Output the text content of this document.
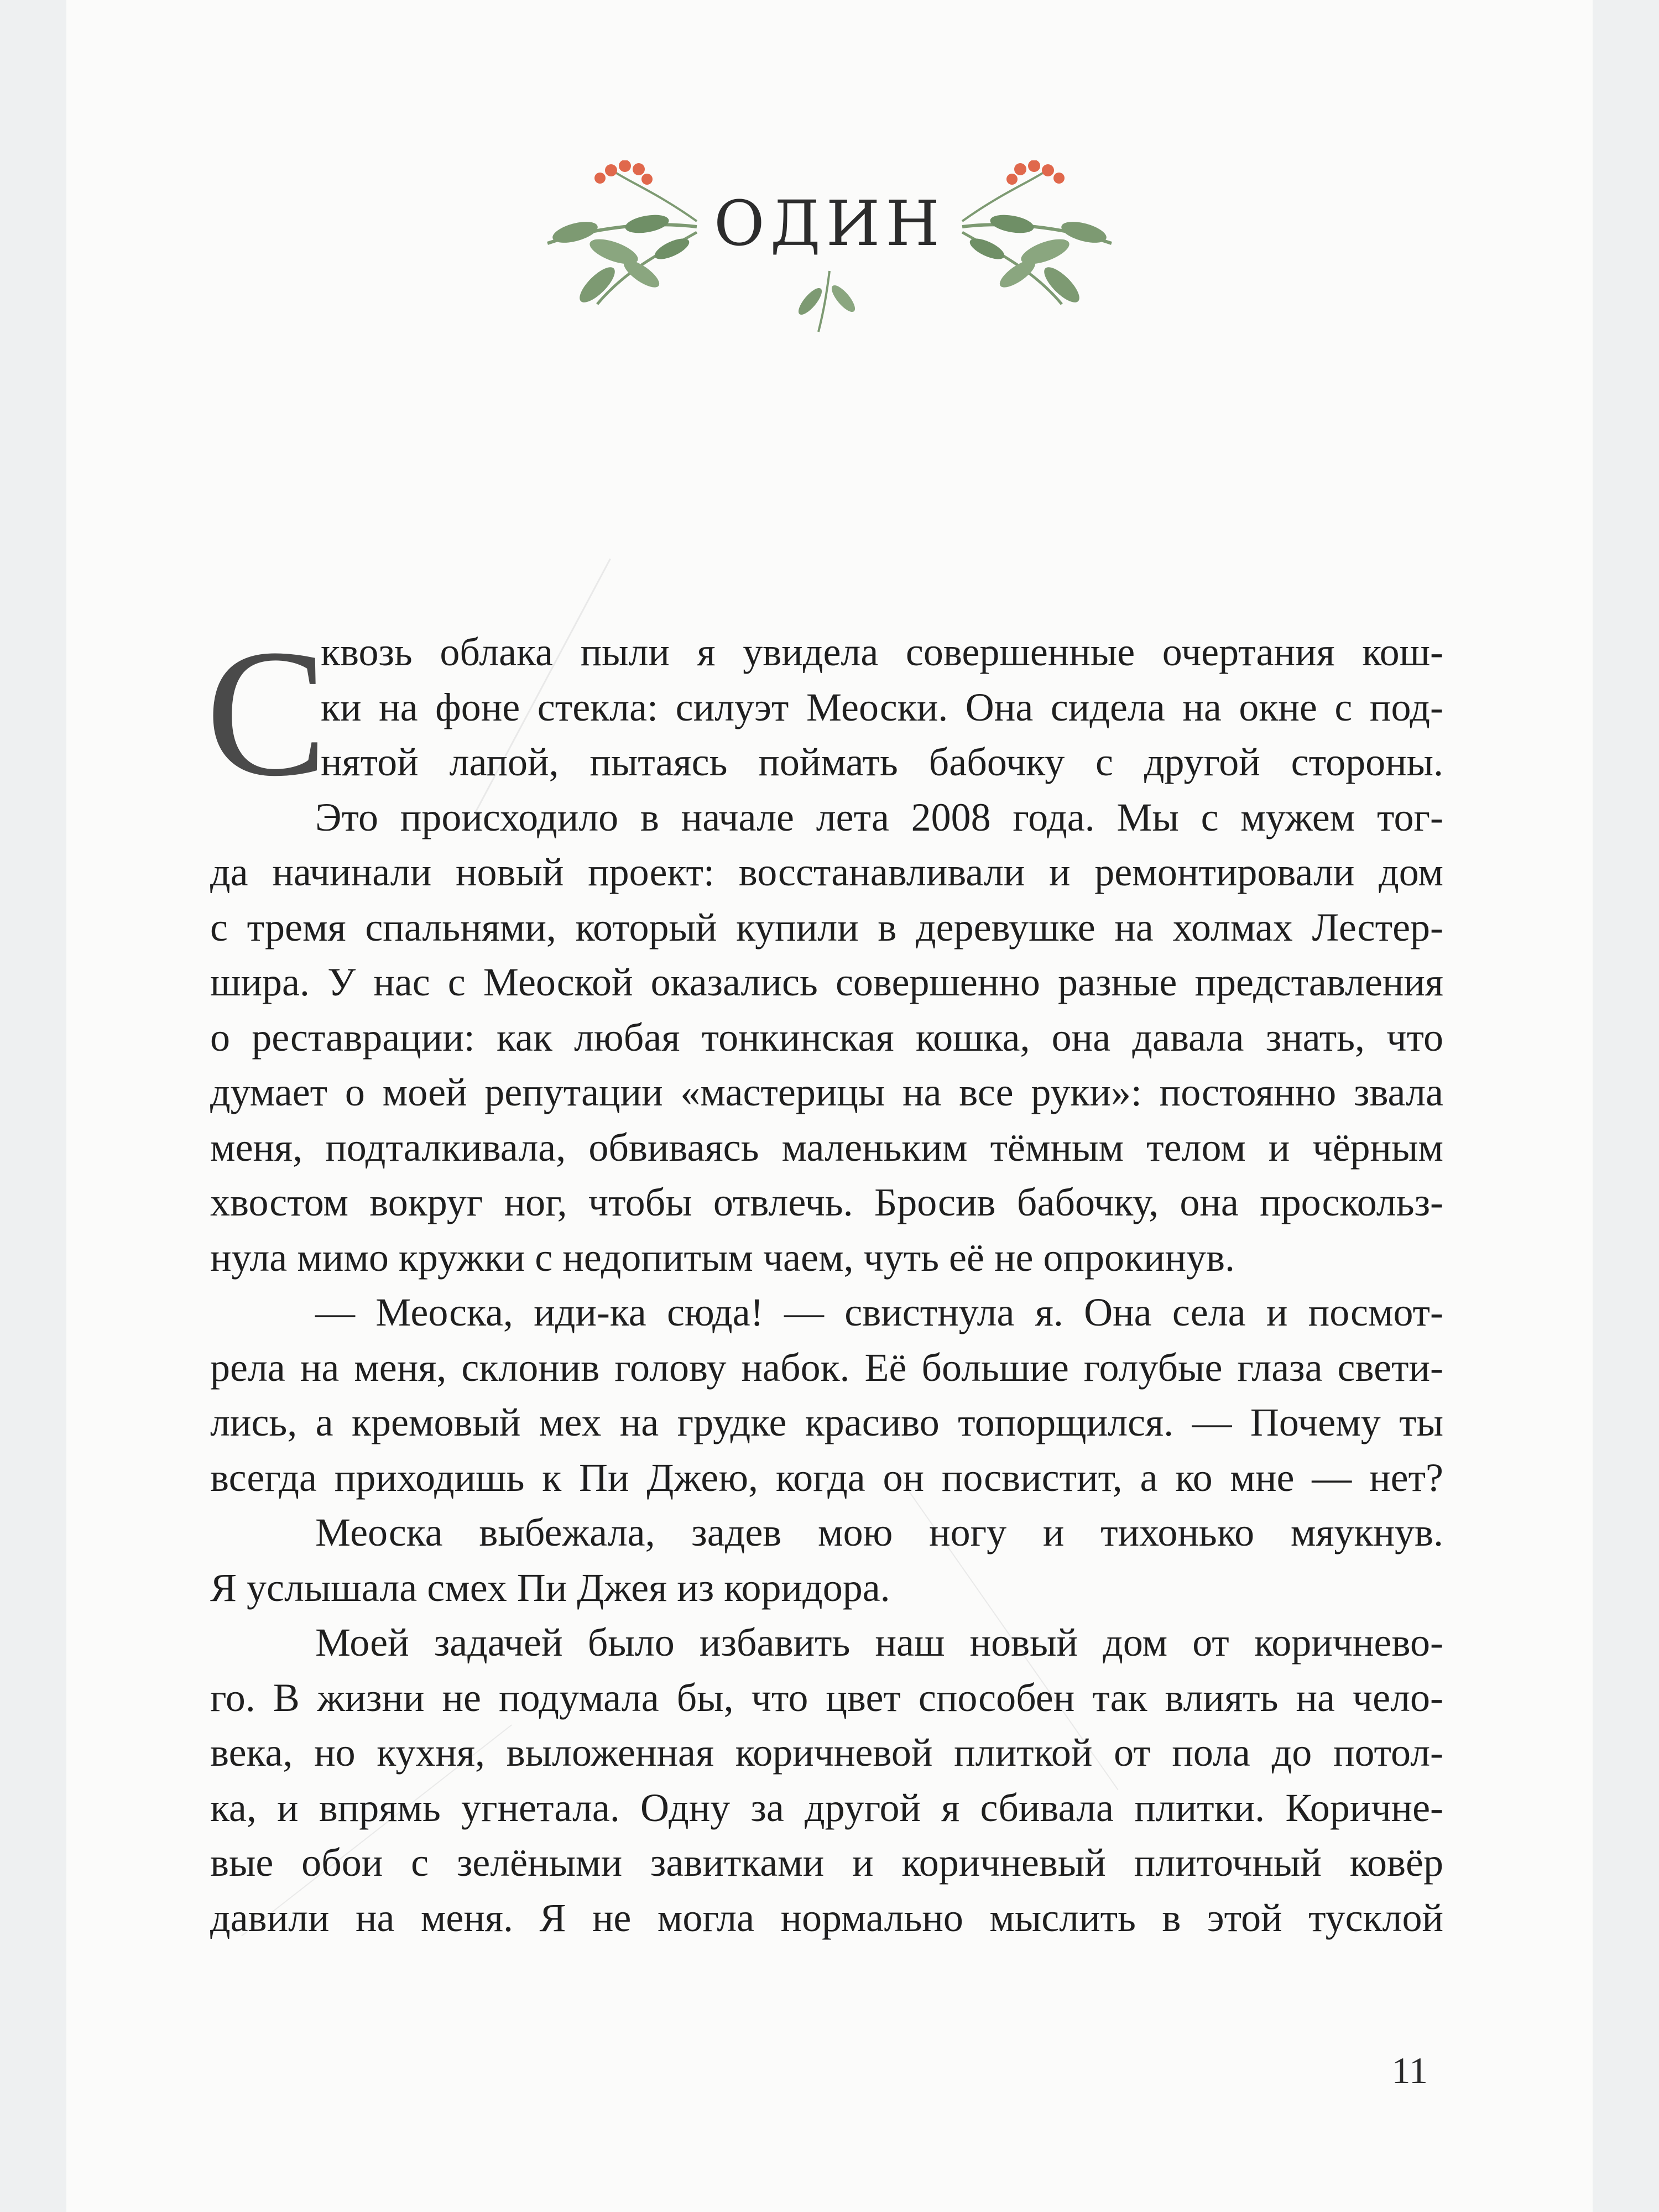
ОДИН
С
квозь облака пыли я увидела совершенные очертания кош-
ки на фоне стекла: силуэт Меоски. Она сидела на окне с под-
нятой лапой, пытаясь поймать бабочку с другой стороны.
Это происходило в начале лета 2008 года. Мы с мужем тог-
да начинали новый проект: восстанавливали и ремонтировали дом
с тремя спальнями, который купили в деревушке на холмах Лестер-
шира. У нас с Меоской оказались совершенно разные представления
о реставрации: как любая тонкинская кошка, она давала знать, что
думает о моей репутации «мастерицы на все руки»: постоянно звала
меня, подталкивала, обвиваясь маленьким тёмным телом и чёрным
хвостом вокруг ног, чтобы отвлечь. Бросив бабочку, она проскольз-
нула мимо кружки с недопитым чаем, чуть её не опрокинув.
— Меоска, иди-ка сюда! — свистнула я. Она села и посмот-
рела на меня, склонив голову набок. Её большие голубые глаза свети-
лись, а кремовый мех на грудке красиво топорщился. — Почему ты
всегда приходишь к Пи Джею, когда он посвистит, а ко мне — нет?
Меоска выбежала, задев мою ногу и тихонько мяукнув.
Я услышала смех Пи Джея из коридора.
Моей задачей было избавить наш новый дом от коричнево-
го. В жизни не подумала бы, что цвет способен так влиять на чело-
века, но кухня, выложенная коричневой плиткой от пола до потол-
ка, и впрямь угнетала. Одну за другой я сбивала плитки. Коричне-
вые обои с зелёными завитками и коричневый плиточный ковёр
давили на меня. Я не могла нормально мыслить в этой тусклой
11
